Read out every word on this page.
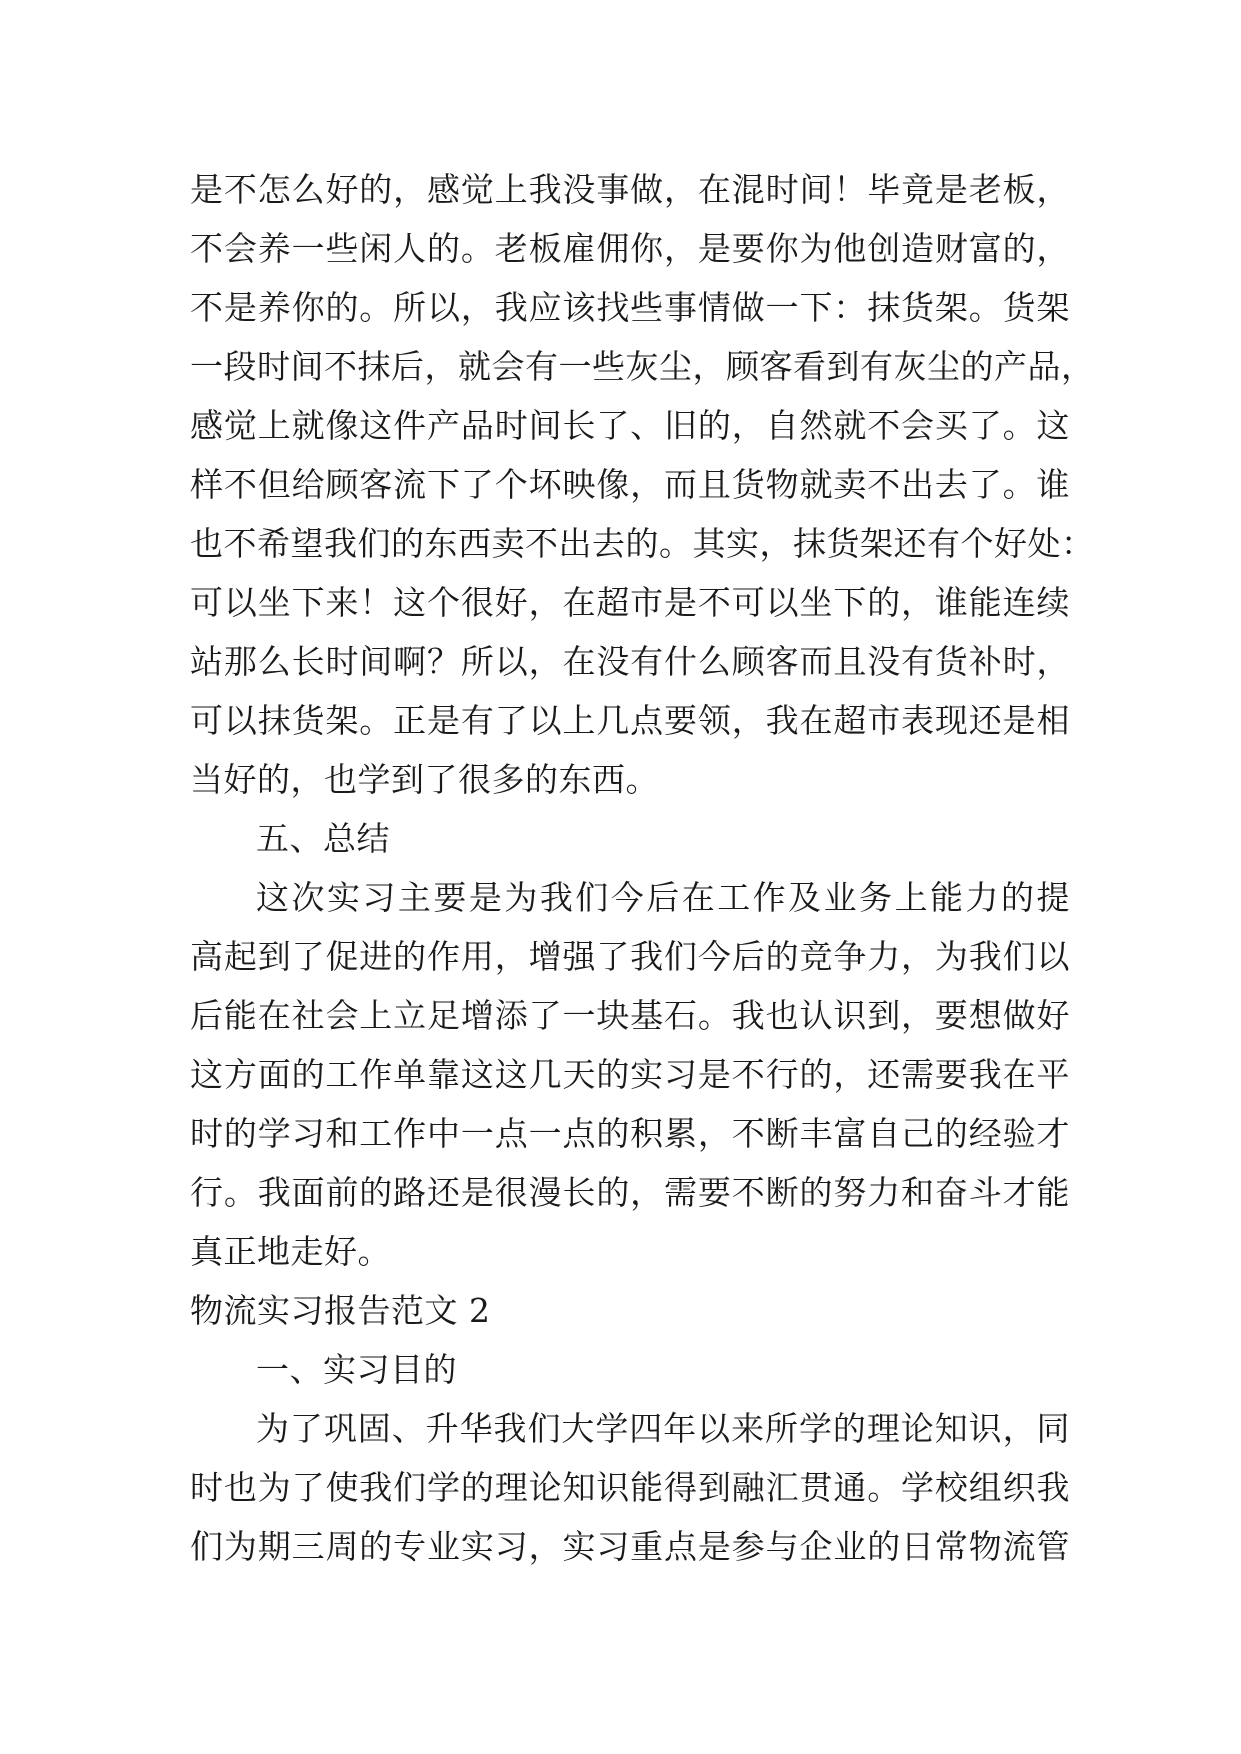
是不怎么好的，感觉上我没事做，在混时间！毕竟是老板，
不会养一些闲人的。老板雇佣你，是要你为他创造财富的，
不是养你的。所以，我应该找些事情做一下：抹货架。货架
一段时间不抹后，就会有一些灰尘，顾客看到有灰尘的产品，
感觉上就像这件产品时间长了、旧的，自然就不会买了。这
样不但给顾客流下了个坏映像，而且货物就卖不出去了。谁
也不希望我们的东西卖不出去的。其实，抹货架还有个好处：
可以坐下来！这个很好，在超市是不可以坐下的，谁能连续
站那么长时间啊？所以，在没有什么顾客而且没有货补时，
可以抹货架。正是有了以上几点要领，我在超市表现还是相
当好的，也学到了很多的东西。
五、总结
这次实习主要是为我们今后在工作及业务上能力的提
高起到了促进的作用，增强了我们今后的竞争力，为我们以
后能在社会上立足增添了一块基石。我也认识到，要想做好
这方面的工作单靠这这几天的实习是不行的，还需要我在平
时的学习和工作中一点一点的积累，不断丰富自己的经验才
行。我面前的路还是很漫长的，需要不断的努力和奋斗才能
真正地走好。
物流实习报告范文 2
一、实习目的
为了巩固、升华我们大学四年以来所学的理论知识，同
时也为了使我们学的理论知识能得到融汇贯通。学校组织我
们为期三周的专业实习，实习重点是参与企业的日常物流管
